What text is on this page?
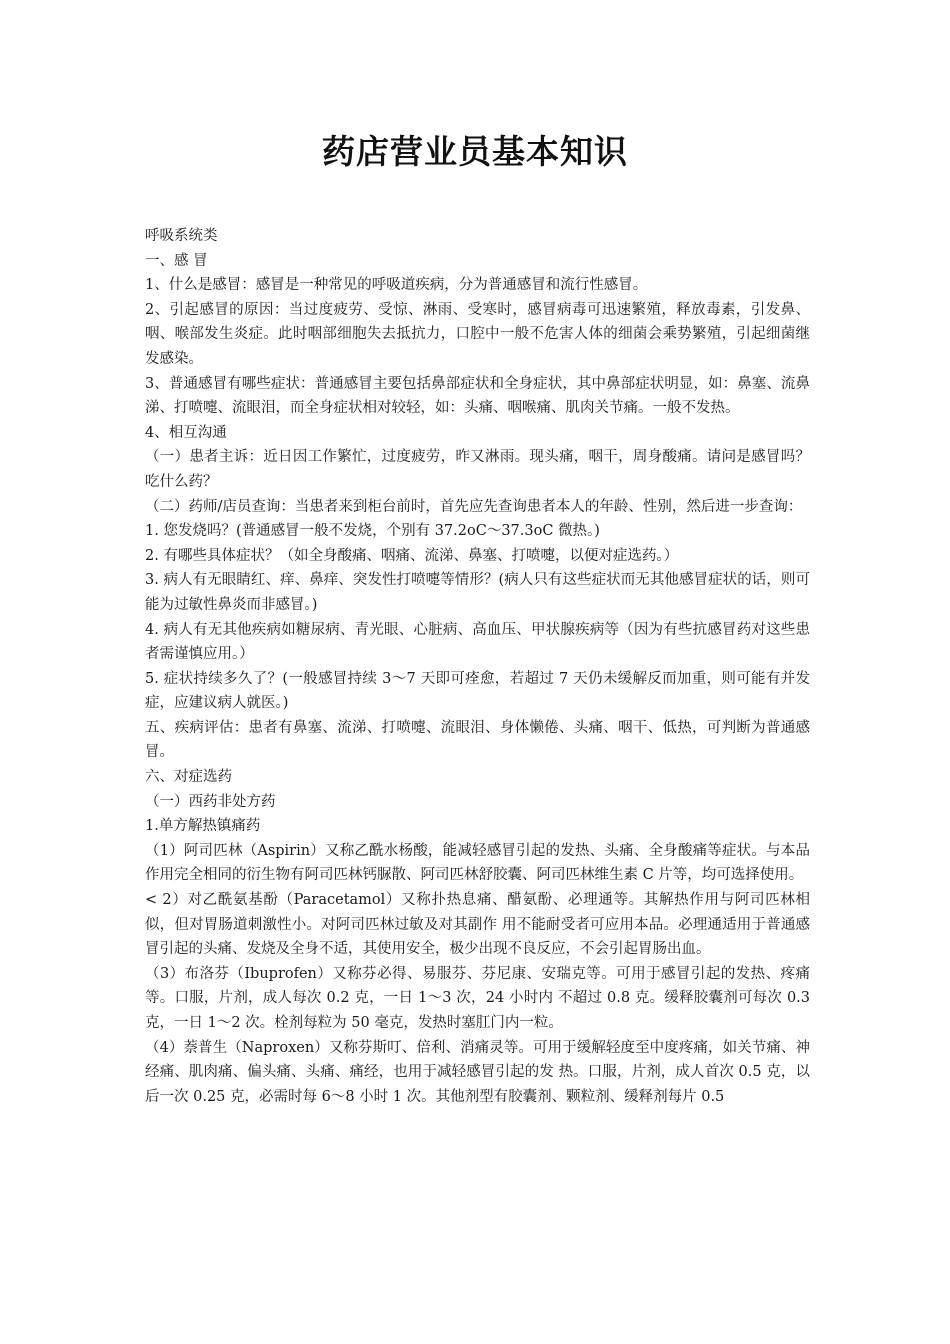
药店营业员基本知识

呼吸系统类

一、感 冒

1、什么是感冒：感冒是一种常见的呼吸道疾病，分为普通感冒和流行性感冒。

2、引起感冒的原因：当过度疲劳、受惊、淋雨、受寒时，感冒病毒可迅速繁殖，释放毒素，引发鼻、咽、喉部发生炎症。此时咽部细胞失去抵抗力，口腔中一般不危害人体的细菌会乘势繁殖，引起细菌继发感染。

3、普通感冒有哪些症状：普通感冒主要包括鼻部症状和全身症状，其中鼻部症状明显，如：鼻塞、流鼻涕、打喷嚏、流眼泪，而全身症状相对较轻，如：头痛、咽喉痛、肌肉关节痛。一般不发热。

4、相互沟通

（一）患者主诉：近日因工作繁忙，过度疲劳，昨又淋雨。现头痛，咽干，周身酸痛。请问是感冒吗？吃什么药？

（二）药师/店员查询：当患者来到柜台前时，首先应先查询患者本人的年龄、性别，然后进一步查询：

1. 您发烧吗？(普通感冒一般不发烧，个别有 37.2oC～37.3oC 微热。)

2. 有哪些具体症状？（如全身酸痛、咽痛、流涕、鼻塞、打喷嚏，以便对症选药。）

3. 病人有无眼睛红、痒、鼻痒、突发性打喷嚏等情形？(病人只有这些症状而无其他感冒症状的话，则可能为过敏性鼻炎而非感冒。)

4. 病人有无其他疾病如糖尿病、青光眼、心脏病、高血压、甲状腺疾病等（因为有些抗感冒药对这些患者需谨慎应用。）

5. 症状持续多久了？(一般感冒持续 3～7 天即可痊愈，若超过 7 天仍未缓解反而加重，则可能有并发症，应建议病人就医。)

五、疾病评估：患者有鼻塞、流涕、打喷嚏、流眼泪、身体懒倦、头痛、咽干、低热，可判断为普通感冒。

六、对症选药

（一）西药非处方药

1.单方解热镇痛药

（1）阿司匹林（Aspirin）又称乙酰水杨酸，能减轻感冒引起的发热、头痛、全身酸痛等症状。与本品作用完全相同的衍生物有阿司匹林钙脲散、阿司匹林舒胶囊、阿司匹林维生素 C 片等，均可选择使用。

< 2）对乙酰氨基酚（Paracetamol）又称扑热息痛、醋氨酚、必理通等。其解热作用与阿司匹林相似，但对胃肠道刺激性小。对阿司匹林过敏及对其副作 用不能耐受者可应用本品。必理通适用于普通感冒引起的头痛、发烧及全身不适，其使用安全，极少出现不良反应，不会引起胃肠出血。

（3）布洛芬（Ibuprofen）又称芬必得、易服芬、芬尼康、安瑞克等。可用于感冒引起的发热、疼痛等。口服，片剂，成人每次 0.2 克，一日 1～3 次，24 小时内 不超过 0.8 克。缓释胶囊剂可每次 0.3 克，一日 1～2 次。栓剂每粒为 50 毫克，发热时塞肛门内一粒。

（4）萘普生（Naproxen）又称芬斯叮、倍利、消痛灵等。可用于缓解轻度至中度疼痛，如关节痛、神经痛、肌肉痛、偏头痛、头痛、痛经，也用于减轻感冒引起的发 热。口服，片剂，成人首次 0.5 克，以后一次 0.25 克，必需时每 6～8 小时 1 次。其他剂型有胶囊剂、颗粒剂、缓释剂每片 0.5
